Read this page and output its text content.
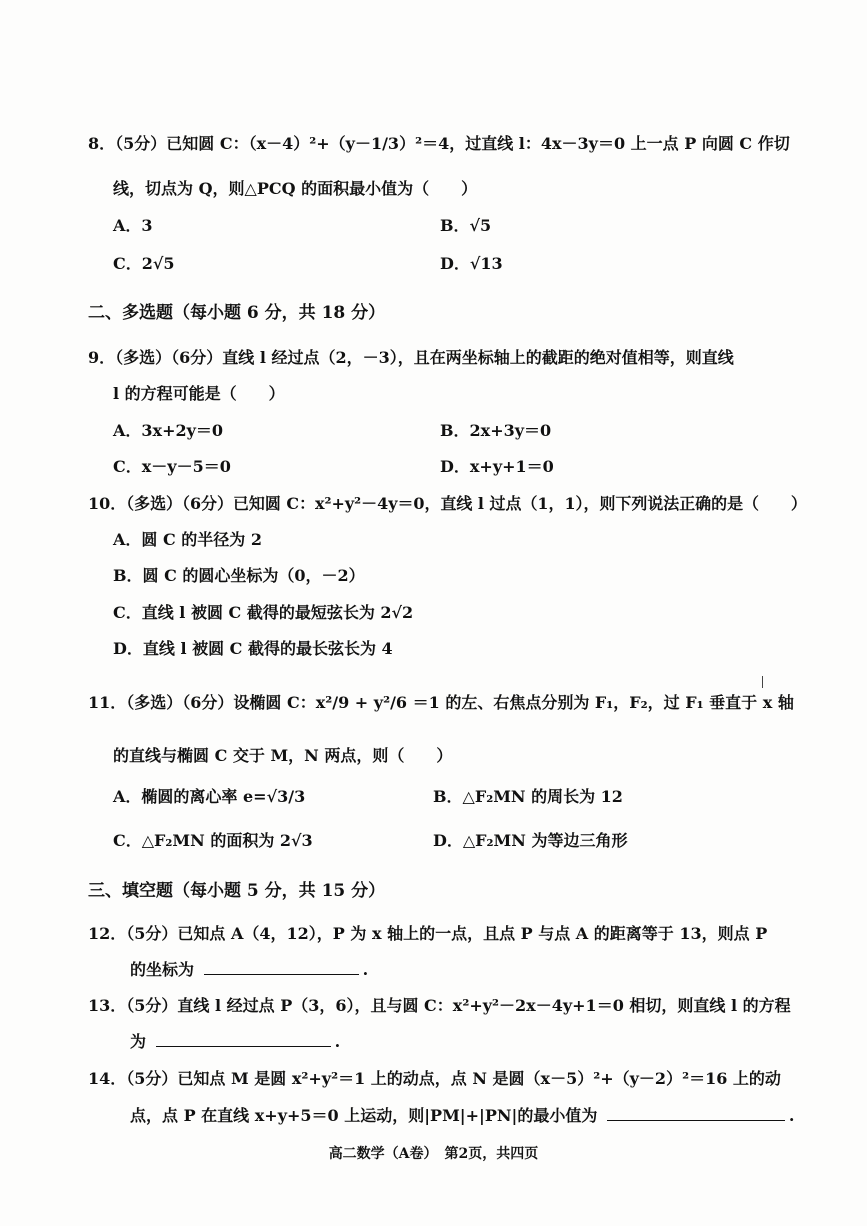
8．（5分）已知圆 C：（x－4）²+（y－1/3）²＝4，过直线 l：4x－3y＝0 上一点 P 向圆 C 作切
线，切点为 Q，则△PCQ 的面积最小值为（　　）
A．3	B．√5
C．2√5	D．√13
二、多选题（每小题 6 分，共 18 分）
9．（多选）（6分）直线 l 经过点（2，－3），且在两坐标轴上的截距的绝对值相等，则直线
l 的方程可能是（　　）
A．3x+2y＝0	B．2x+3y＝0
C．x－y－5＝0	D．x+y+1＝0
10．（多选）（6分）已知圆 C：x²+y²－4y＝0，直线 l 过点（1，1），则下列说法正确的是（　　）
A．圆 C 的半径为 2
B．圆 C 的圆心坐标为（0，－2）
C．直线 l 被圆 C 截得的最短弦长为 2√2
D．直线 l 被圆 C 截得的最长弦长为 4
11．（多选）（6分）设椭圆 C：x²/9 + y²/6 ＝1 的左、右焦点分别为 F₁，F₂，过 F₁ 垂直于 x 轴
的直线与椭圆 C 交于 M，N 两点，则（　　）
A．椭圆的离心率 e=√3/3	B．△F₂MN 的周长为 12
C．△F₂MN 的面积为 2√3	D．△F₂MN 为等边三角形
三、填空题（每小题 5 分，共 15 分）
12．（5分）已知点 A（4，12），P 为 x 轴上的一点，且点 P 与点 A 的距离等于 13，则点 P
的坐标为	.
13．（5分）直线 l 经过点 P（3，6），且与圆 C：x²+y²－2x－4y+1＝0 相切，则直线 l 的方程
为	.
14．（5分）已知点 M 是圆 x²+y²＝1 上的动点，点 N 是圆（x－5）²+（y－2）²＝16 上的动
点，点 P 在直线 x+y+5＝0 上运动，则|PM|+|PN|的最小值为	.
高二数学（A卷）　第2页，共四页
